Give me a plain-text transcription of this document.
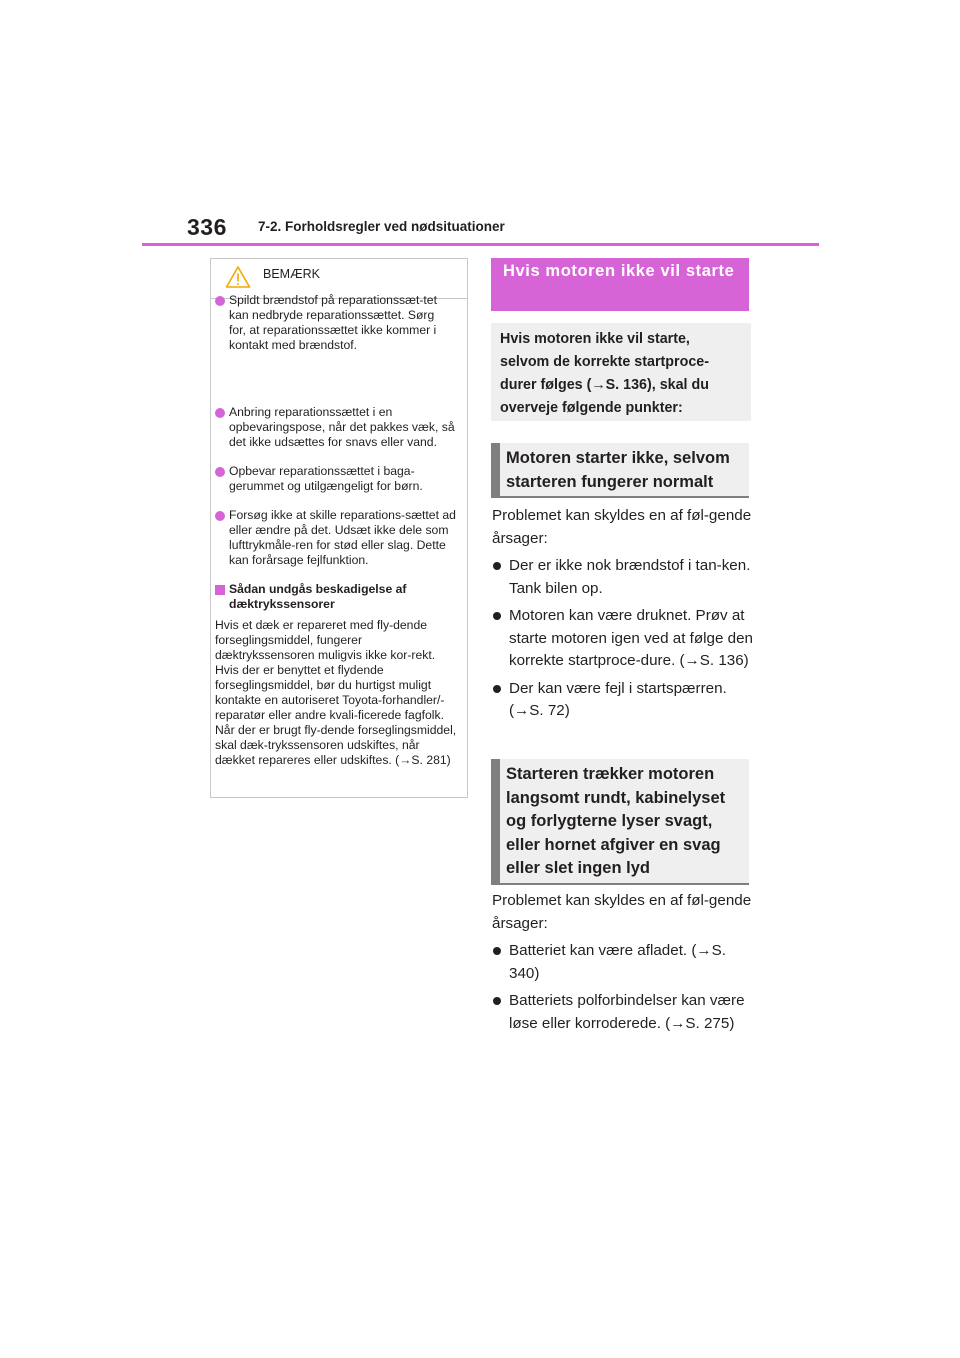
336 7-2. Forholdsregler ved nødsituationer
BEMÆRK
Spildt brændstof på reparationssæt-tet kan nedbryde reparationssættet. Sørg for, at reparationssættet ikke kommer i kontakt med brændstof.
Anbring reparationssættet i en opbevaringspose, når det pakkes væk, så det ikke udsættes for snavs eller vand.
Opbevar reparationssættet i baga-gerummet og utilgængeligt for børn.
Forsøg ikke at skille reparations-sættet ad eller ændre på det. Udsæt ikke dele som lufttrykmåle-ren for stød eller slag. Dette kan forårsage fejlfunktion.
Sådan undgås beskadigelse af dæktrykssensorer
Hvis et dæk er repareret med fly-dende forseglingsmiddel, fungerer dæktrykssensoren muligvis ikke kor-rekt. Hvis der er benyttet et flydende forseglingsmiddel, bør du hurtigst muligt kontakte en autoriseret Toyota-forhandler/-reparatør eller andre kvali-ficerede fagfolk. Når der er brugt fly-dende forseglingsmiddel, skal dæk-trykssensoren udskiftes, når dækket repareres eller udskiftes. (→S. 281)
Hvis motoren ikke vil starte
Hvis motoren ikke vil starte, selvom de korrekte startproce-durer følges (→S. 136), skal du overveje følgende punkter:
Motoren starter ikke, selvom starteren fungerer normalt

Problemet kan skyldes en af føl-gende årsager:

Der er ikke nok brændstof i tan-ken. Tank bilen op.

Motoren kan være druknet. Prøv at starte motoren igen ved at følge den korrekte startproce-dure. (→S. 136)

Der kan være fejl i startspærren. (→S. 72)

Starteren trækker motoren langsomt rundt, kabinelyset og forlygterne lyser svagt, eller hornet afgiver en svag eller slet ingen lyd

Problemet kan skyldes en af føl-gende årsager:

Batteriet kan være afladet. (→S. 340)

Batteriets polforbindelser kan være løse eller korroderede. (→S. 275)
